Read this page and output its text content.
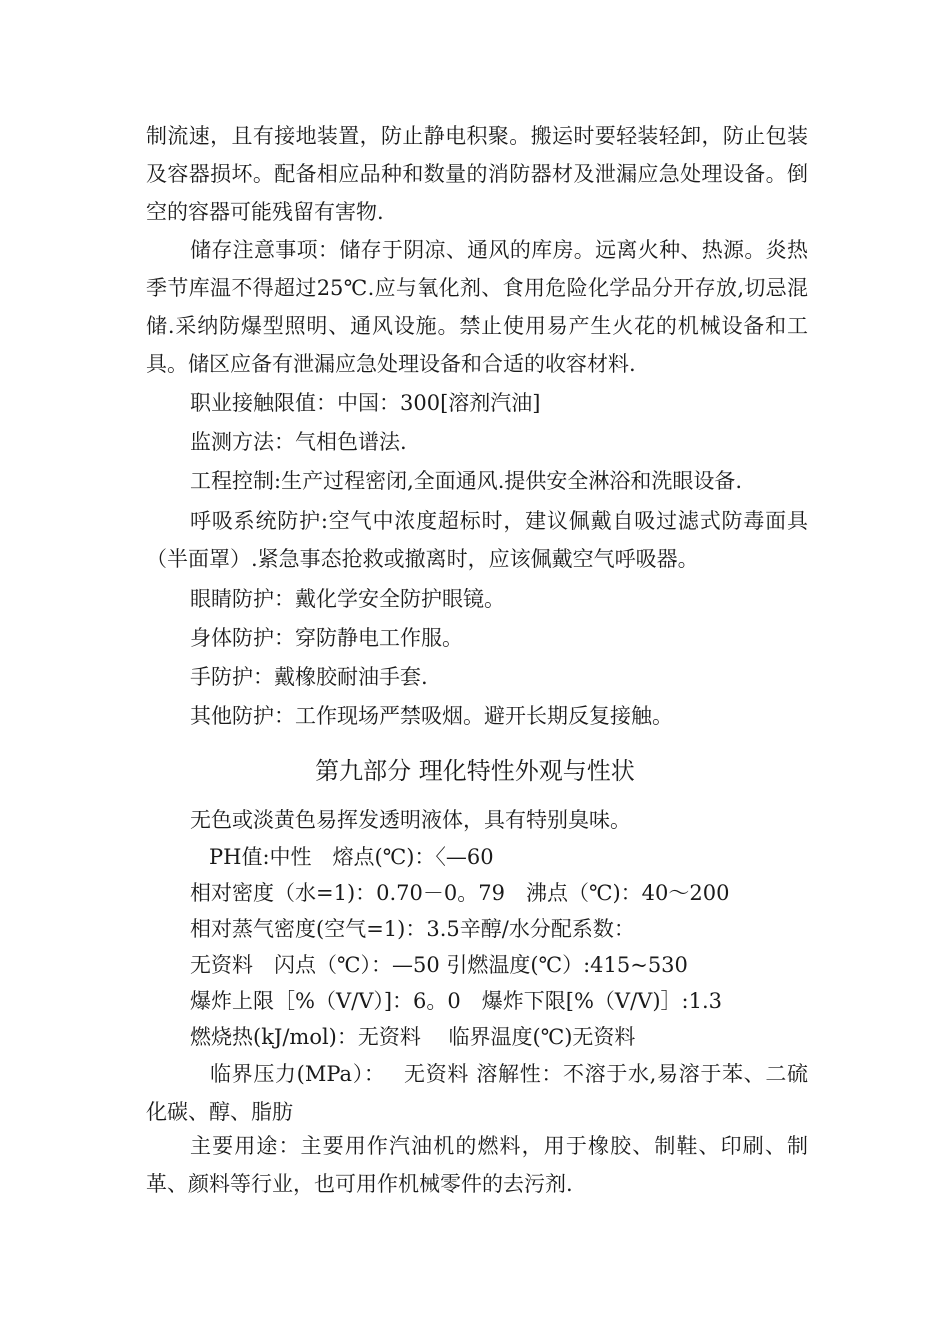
制流速，且有接地装置，防止静电积聚。搬运时要轻装轻卸，防止包装及容器损坏。配备相应品种和数量的消防器材及泄漏应急处理设备。倒空的容器可能残留有害物.

储存注意事项：储存于阴凉、通风的库房。远离火种、热源。炎热季节库温不得超过25℃.应与氧化剂、食用危险化学品分开存放,切忌混储.采纳防爆型照明、通风设施。禁止使用易产生火花的机械设备和工具。储区应备有泄漏应急处理设备和合适的收容材料.

职业接触限值：中国：300[溶剂汽油]

监测方法：气相色谱法.

工程控制:生产过程密闭,全面通风.提供安全淋浴和洗眼设备.

呼吸系统防护:空气中浓度超标时，建议佩戴自吸过滤式防毒面具（半面罩）.紧急事态抢救或撤离时，应该佩戴空气呼吸器。

眼睛防护：戴化学安全防护眼镜。

身体防护：穿防静电工作服。

手防护：戴橡胶耐油手套.

其他防护：工作现场严禁吸烟。避开长期反复接触。

第九部分 理化特性外观与性状

无色或淡黄色易挥发透明液体，具有特别臭味。

PH值:中性　熔点(℃)：〈—60

相对密度（水=1)：0.70－0。79　沸点（℃)：40～200

相对蒸气密度(空气=1)：3.5辛醇/水分配系数：

无资料　闪点（℃）：—50 引燃温度(℃）:415~530

爆炸上限［%（V/V）]：6。0　爆炸下限[%（V/V)］:1.3

燃烧热(kJ/mol)：无资料　 临界温度(℃)无资料

临界压力(MPa）：　 无资料 溶解性：不溶于水,易溶于苯、二硫化碳、醇、脂肪

主要用途：主要用作汽油机的燃料，用于橡胶、制鞋、印刷、制革、颜料等行业，也可用作机械零件的去污剂.
